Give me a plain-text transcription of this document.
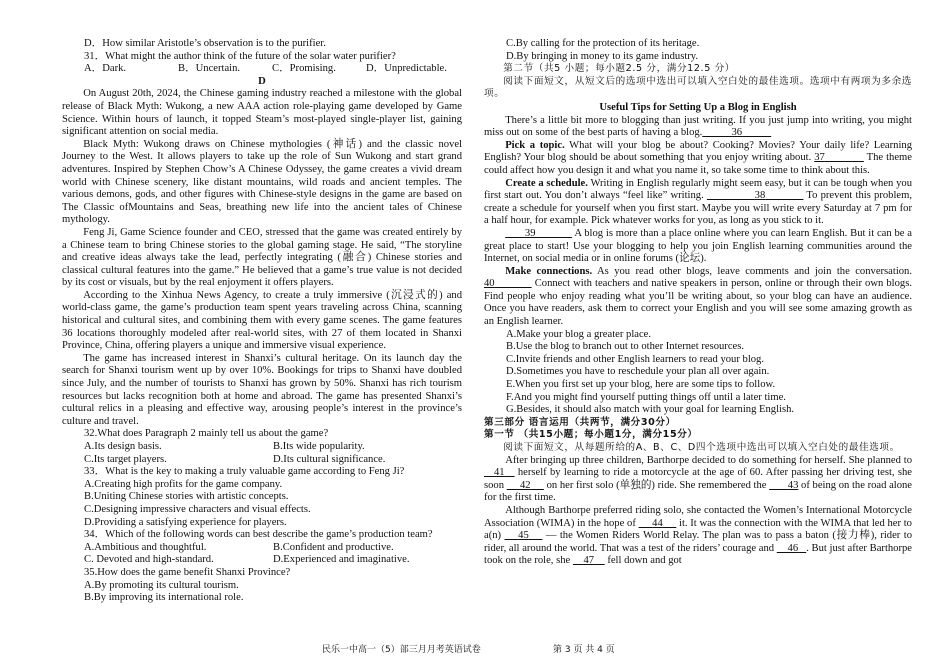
D．How similar Aristotle’s observation is to the purifier.

31．What might the author think of the future of the solar water purifier?

A．Dark.	B．Uncertain.	C．Promising.	D．Unpredictable.

D

On August 20th, 2024, the Chinese gaming industry reached a milestone with the global release of Black Myth: Wukong, a new AAA action role-playing game developed by Game Science. Within hours of launch, it topped Steam’s most-played single-player list, gaining significant attention on social media.

Black Myth: Wukong draws on Chinese mythologies (神话) and the classic novel Journey to the West. It allows players to take up the role of Sun Wukong and start grand adventures. Inspired by Stephen Chow’s A Chinese Odyssey, the game creates a vivid dream world with Chinese scenery, like distant mountains, wild roads and ancient temples. The various demons, gods, and other figures with Chinese-style designs in the game are based on The Classic ofMountains and Seas, breathing new life into the ancient tales of Chinese mythology.

Feng Ji, Game Science founder and CEO, stressed that the game was created entirely by a Chinese team to bring Chinese stories to the global gaming stage. He said, “The storyline and creative ideas always take the lead, perfectly integrating (融合) Chinese stories and classical cultural features into the game.” He believed that a game’s true value is not decided by its cost or visuals, but by the real enjoyment it offers players.

According to the Xinhua News Agency, to create a truly immersive (沉浸式的) and world-class game, the game’s production team spent years traveling across China, scanning historical and cultural sites, and combining them with every game scenes. The game features 36 locations thoroughly modeled after real-world sites, with 27 of them located in Shanxi Province, China, offering players a unique and immersive visual experience.

The game has increased interest in Shanxi’s cultural heritage. On its launch day the search for Shanxi tourism went up by over 10%. Bookings for trips to Shanxi have doubled since July, and the number of tourists to Shanxi has grown by 50%. Shanxi has rich tourism resources but lacks recognition both at home and abroad. The game has presented Shanxi’s cultural relics in a pleasing and effective way, arousing people’s interest in the province’s culture and travel.

32.What does Paragraph 2 mainly tell us about the game?

A.Its design basis.	B.Its wide popularity.
C.Its target players.	D.Its cultural significance.

33．What is the key to making a truly valuable game according to Feng Ji?

A.Creating high profits for the game company.

B.Uniting Chinese stories with artistic concepts.

C.Designing impressive characters and visual effects.

D.Providing a satisfying experience for players.

34．Which of the following words can best describe the game’s production team?

A.Ambitious and thoughtful.	B.Confident and productive.
C. Devoted and high-standard.	D.Experienced and imaginative.

35.How does the game benefit Shanxi Province?

A.By promoting its cultural tourism.

B.By improving its international role.

C.By calling for the protection of its heritage.

D.By bringing in money to its game industry.

第二节（共5 小题；每小题2.5 分，满分12.5 分）

阅读下面短文，从短文后的选项中选出可以填入空白处的最佳选项。选项中有两项为多余选项。

Useful Tips for Setting Up a Blog in English

There’s a little bit more to blogging than just writing. If you just jump into writing, you might miss out on some of the best parts of having a blog.	36

Pick a topic. What will your blog be about? Cooking? Movies? Your daily life? Learning English? Your blog should be about something that you enjoy writing about. 37	The theme could affect how you design it and what you name it, so take some time to think about this.

Create a schedule. Writing in English regularly might seem easy, but it can be tough when you first start out. You don’t always “feel like” writing.	38	To prevent this problem, create a schedule for yourself when you first start. Maybe you will write every Saturday at 7 pm for a half hour, for example. Pick whatever works for you, as long as you stick to it.

39	A blog is more than a place online where you can learn English. But it can be a great place to start! Use your blogging to help you join English learning communities around the Internet, on social media or in online forums (论坛).

Make connections. As you read other blogs, leave comments and join the conversation. 40	Connect with teachers and native speakers in person, online or through their own blogs. Find people who enjoy reading what you’ll be writing about, so your blog can have an audience. Once you have readers, ask them to correct your English and you will see some amazing growth as an English learner.

A.Make your blog a greater place.

B.Use the blog to branch out to other Internet resources.

C.Invite friends and other English learners to read your blog.

D.Sometimes you have to reschedule your plan all over again.

E.When you first set up your blog, here are some tips to follow.

F.And you might find yourself putting things off until a later time.

G.Besides, it should also match with your goal for learning English.

第三部分 语言运用（共两节，满分30分）

第一节 （共15小题；每小题1分，满分15分）

阅读下面短文，从每题所给的A、B、C、D四个选项中选出可以填入空白处的最佳选项。

After bringing up three children, Barthorpe decided to do something for herself. She planned to    41 herself by learning to ride a motorcycle at the age of 60. After passing her driving test, she soon 42 on her first solo (单独的) ride. She remembered the 43 of being on the road alone for the first time.

Although Barthorpe preferred riding solo, she contacted the Women’s International Motorcycle Association (WIMA) in the hope of 44 it. It was the connection with the WIMA that led her to a(n) 45 — the Women Riders World Relay. The plan was to pass a baton (接力棒), rider to rider, all around the world. That was a test of the riders’ courage and 46 . But just after Barthorpe took on the role, she 47 fell down and got

民乐一中高一（5）部三月月考英语试卷	第 3 页 共 4 页
